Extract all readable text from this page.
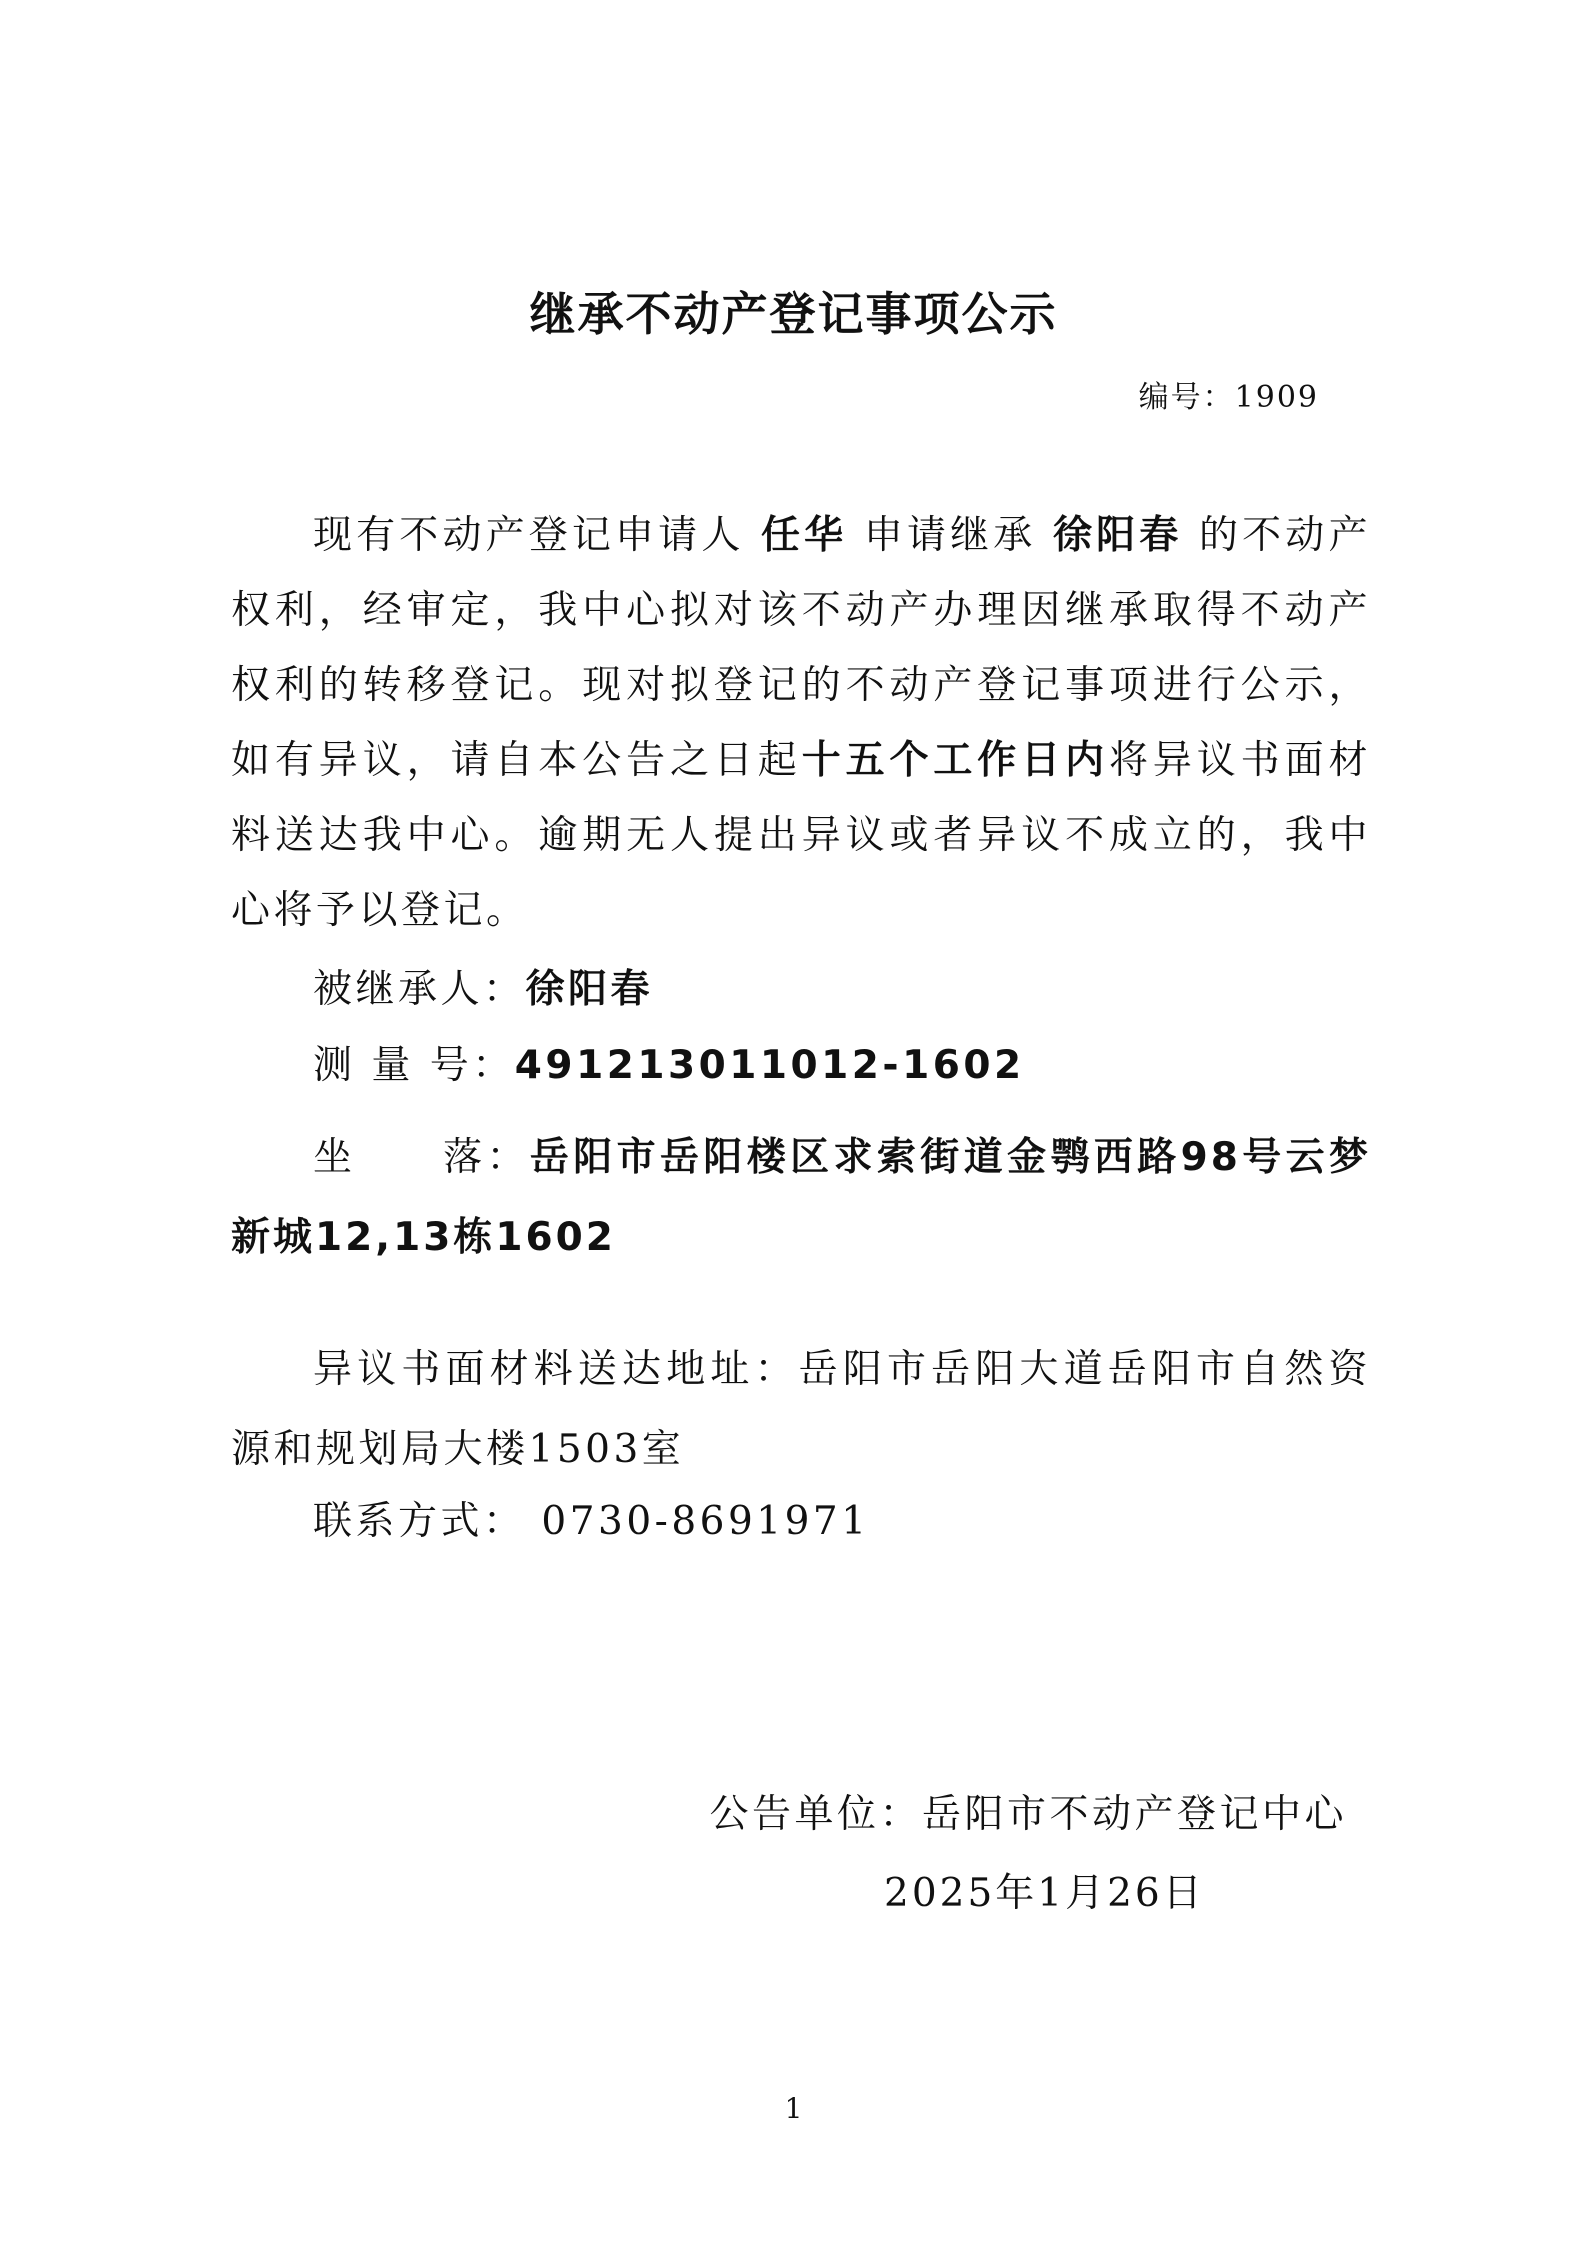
继承不动产登记事项公示
编号：1909
现有不动产登记申请人 任华 申请继承 徐阳春 的不动产权利，经审定，我中心拟对该不动产办理因继承取得不动产权利的转移登记。现对拟登记的不动产登记事项进行公示，如有异议，请自本公告之日起十五个工作日内将异议书面材料送达我中心。逾期无人提出异议或者异议不成立的，我中心将予以登记。
被继承人：徐阳春
测 量 号：491213011012-1602
坐　　落：岳阳市岳阳楼区求索街道金鹗西路98号云梦新城12,13栋1602
异议书面材料送达地址：岳阳市岳阳大道岳阳市自然资源和规划局大楼1503室
联系方式： 0730-8691971
公告单位：岳阳市不动产登记中心
2025年1月26日
1
